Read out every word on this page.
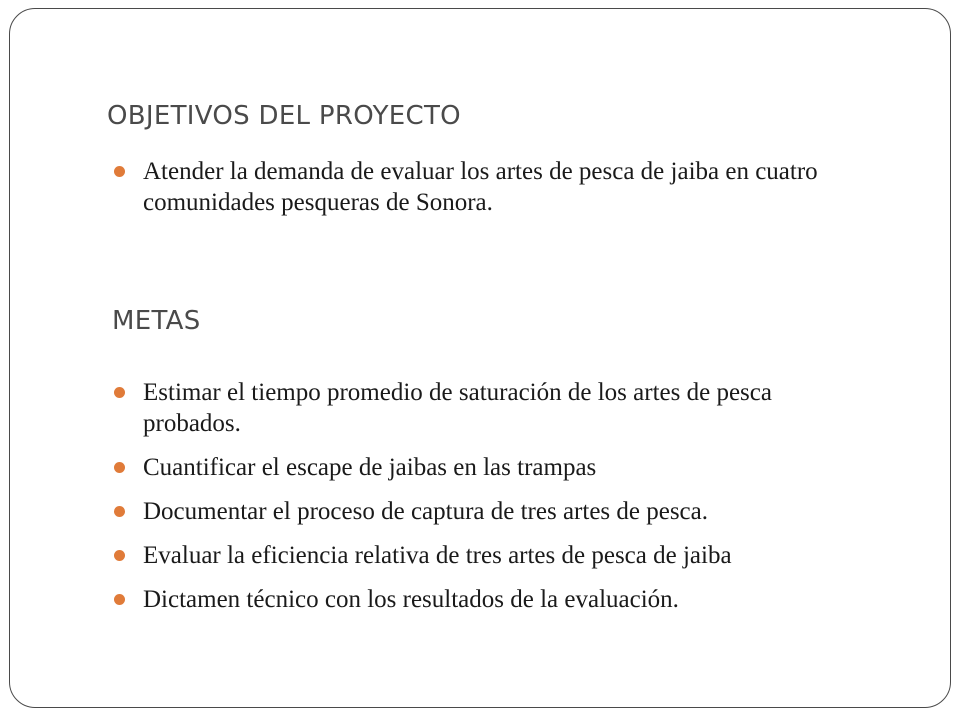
OBJETIVOS DEL PROYECTO
Atender la demanda de evaluar los artes de pesca de jaiba en cuatro comunidades pesqueras de Sonora.
METAS
Estimar el tiempo promedio de saturación de los artes de pesca probados.
Cuantificar el escape de jaibas en las trampas
Documentar el proceso de captura de tres artes de pesca.
Evaluar la eficiencia relativa de tres artes de pesca de jaiba
Dictamen técnico con los resultados de la evaluación.
